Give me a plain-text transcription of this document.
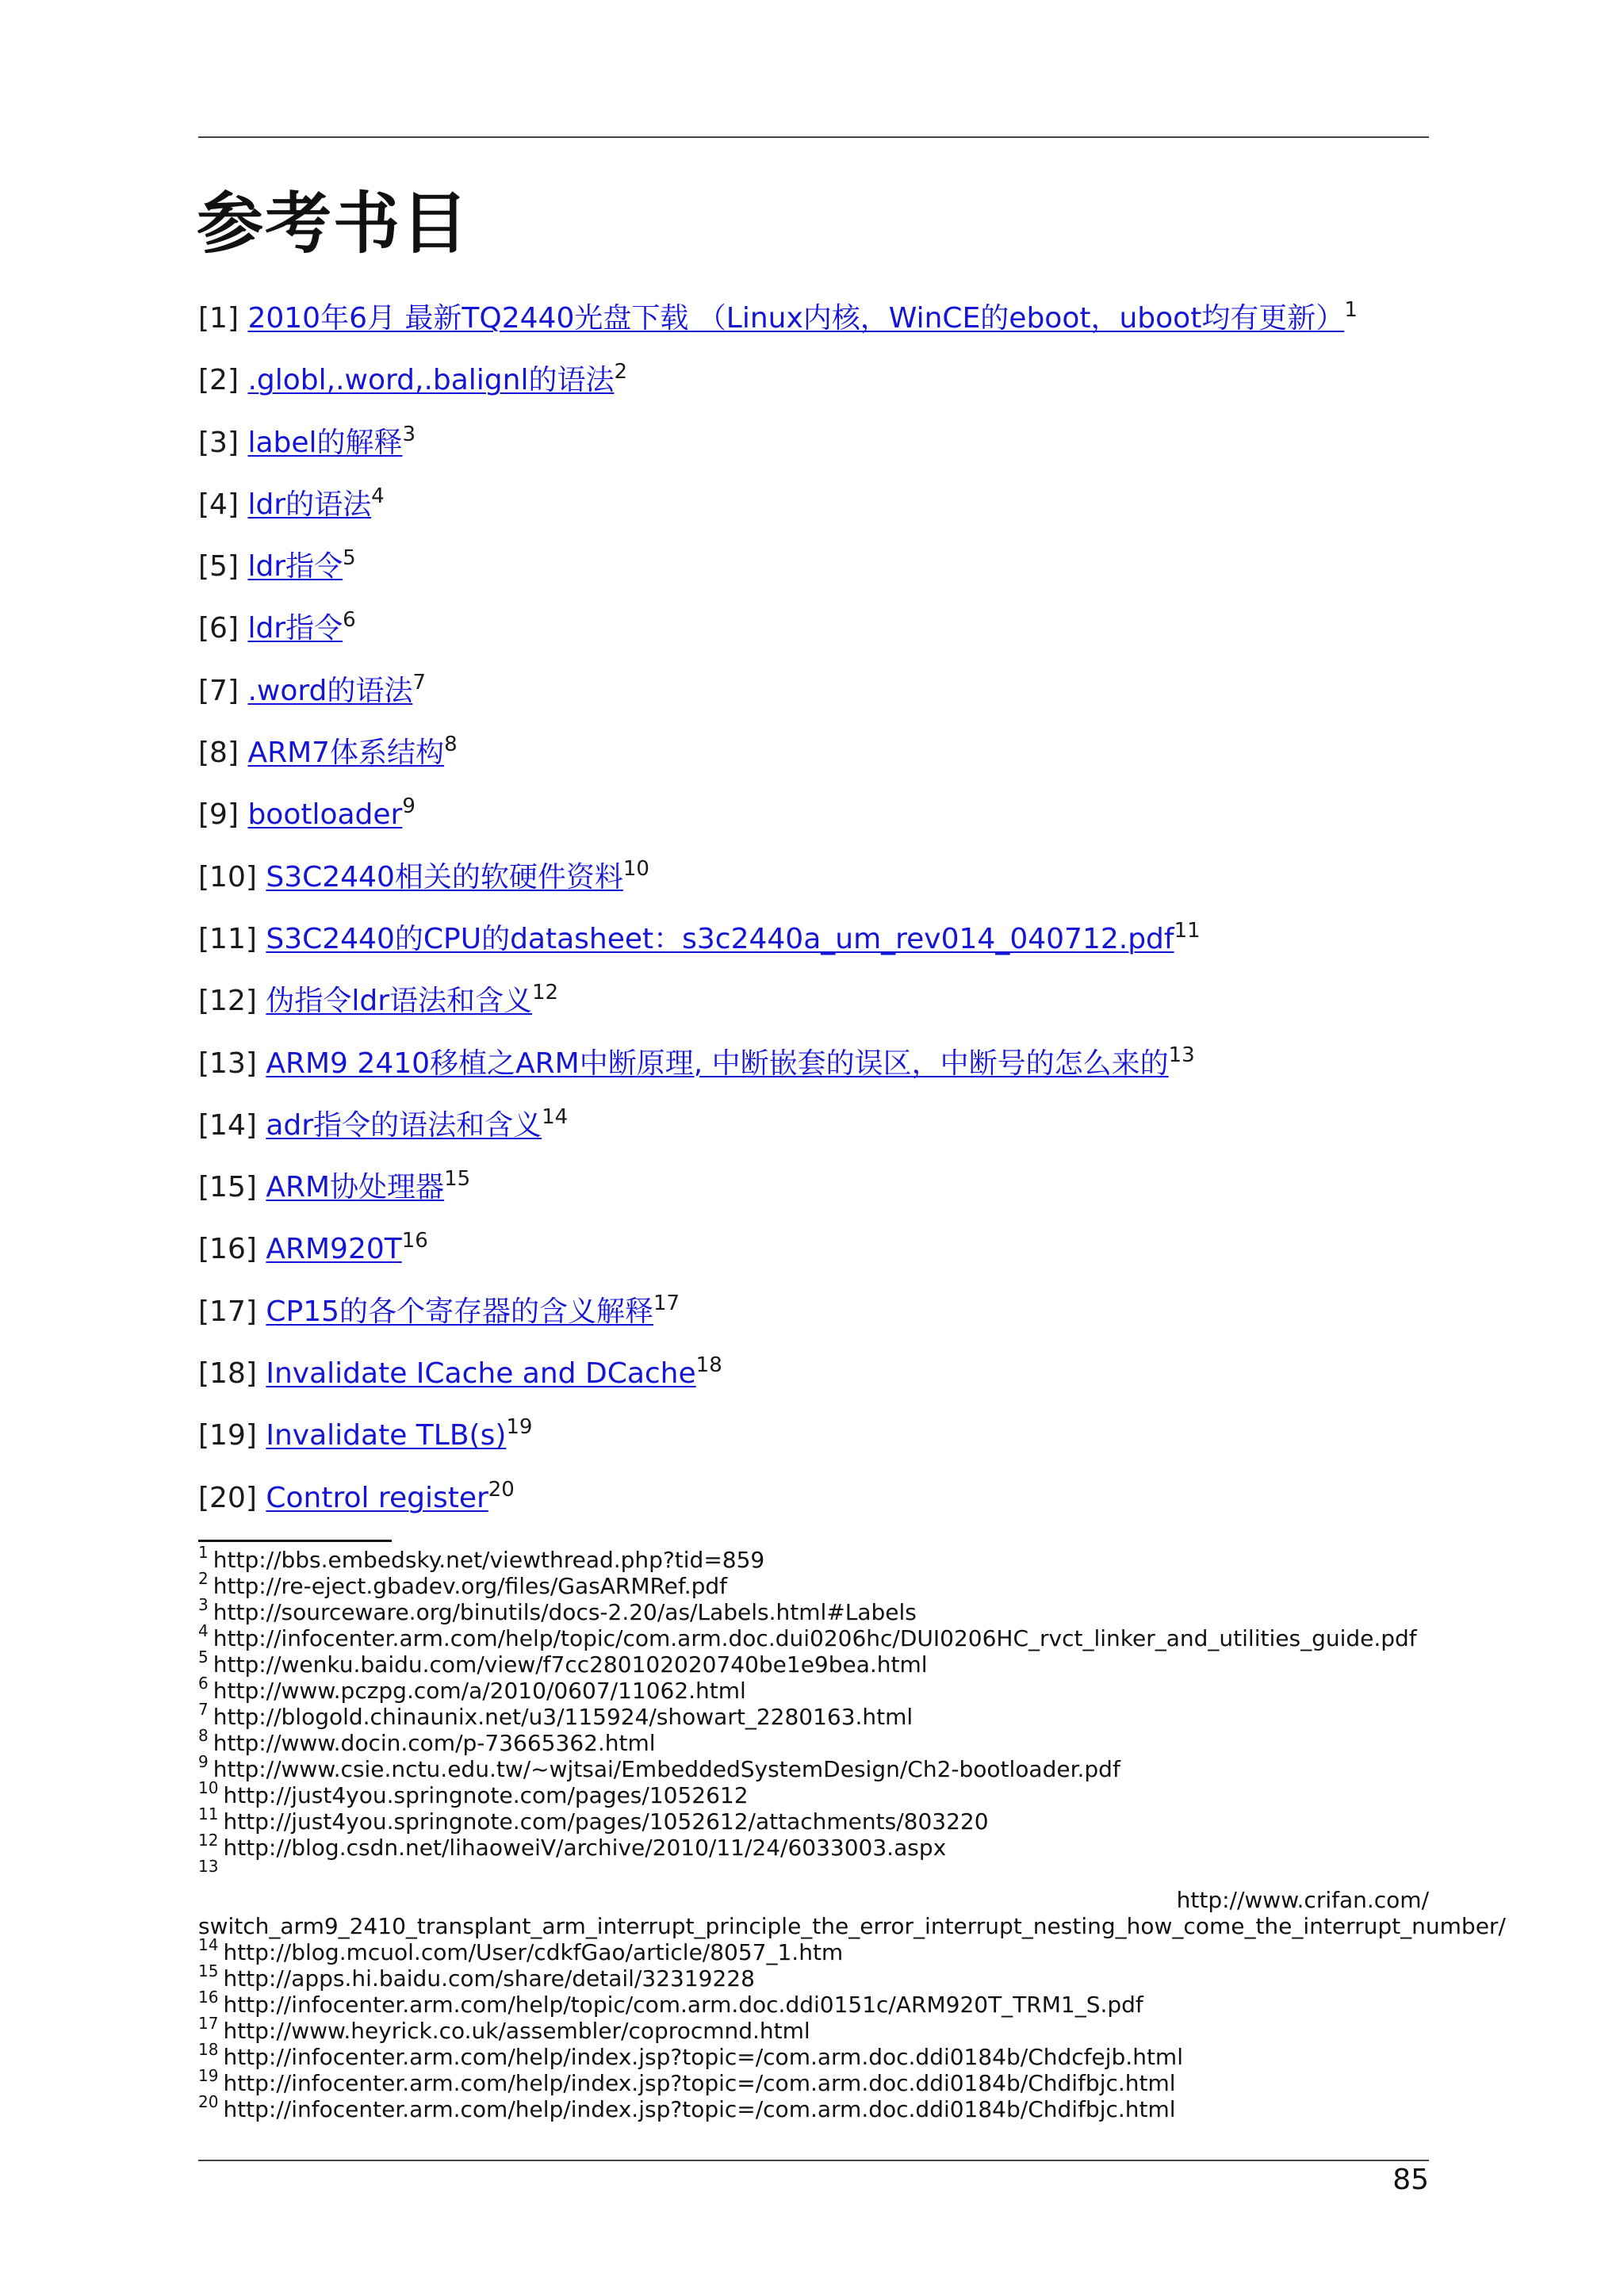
参考书目
[1] 2010年6月 最新TQ2440光盘下载 （Linux内核，WinCE的eboot，uboot均有更新）$^1$
[2] .globl,.word,.balignl的语法$^2$
[3] label的解释$^3$
[4] ldr的语法$^4$
[5] ldr指令$^5$
[6] ldr指令$^6$
[7] .word的语法$^7$
[8] ARM7体系结构$^8$
[9] bootloader$^9$
[10] S3C2440相关的软硬件资料$^{10}$
[11] S3C2440的CPU的datasheet：s3c2440a_um_rev014_040712.pdf$^{11}$
[12] 伪指令ldr语法和含义$^{12}$
[13] ARM9 2410移植之ARM中断原理, 中断嵌套的误区，中断号的怎么来的$^{13}$
[14] adr指令的语法和含义$^{14}$
[15] ARM协处理器$^{15}$
[16] $ARM920T^{16}$
[17] CP15的各个寄存器的含义解释$^{17}$
[18] Invalidate ICache and DCache$^{18}$
[19] Invalidate $TLB(s)^{19}$
[20] Control register$^{20}$
$^1$ http://bbs.embedsky.net/viewthread.php?tid=859
$^2$ http://re-eject.gbadev.org/files/GasARMRef.pdf
$^3$ http://sourceware.org/binutils/docs-2.20/as/Labels.html#Labels
$^4$ http://infocenter.arm.com/help/topic/com.arm.doc.dui0206hc/DUI0206HC_rvct_linker_and_utilities_guide.pdf
$^5$ http://wenku.baidu.com/view/f7cc280102020740be1e9bea.html
$^6$ http://www.pczpg.com/a/2010/0607/11062.html
$^7$ http://blogold.chinaunix.net/u3/115924/showart_2280163.html
$^8$ http://www.docin.com/p-73665362.html
$^9$ http://www.csie.nctu.edu.tw/~wjtsai/EmbeddedSystemDesign/Ch2-bootloader.pdf
$^{10}$ http://just4you.springnote.com/pages/1052612
$^{11}$ http://just4you.springnote.com/pages/1052612/attachments/803220
$^{12}$ http://blog.csdn.net/lihaoweiV/archive/2010/11/24/6033003.aspx
$^{13}$
http://www.crifan.com/
switch_arm9_2410_transplant_arm_interrupt_principle_the_error_interrupt_nesting_how_come_the_interrupt_number/
$^{14}$ http://blog.mcuol.com/User/cdkfGao/article/8057_1.htm
$^{15}$ http://apps.hi.baidu.com/share/detail/32319228
$^{16}$ http://infocenter.arm.com/help/topic/com.arm.doc.ddi0151c/ARM920T_TRM1_S.pdf
$^{17}$ http://www.heyrick.co.uk/assembler/coprocmnd.html
$^{18}$ http://infocenter.arm.com/help/index.jsp?topic=/com.arm.doc.ddi0184b/Chdcfejb.html
$^{19}$ http://infocenter.arm.com/help/index.jsp?topic=/com.arm.doc.ddi0184b/Chdifbjc.html
$^{20}$ http://infocenter.arm.com/help/index.jsp?topic=/com.arm.doc.ddi0184b/Chdifbjc.html
85
